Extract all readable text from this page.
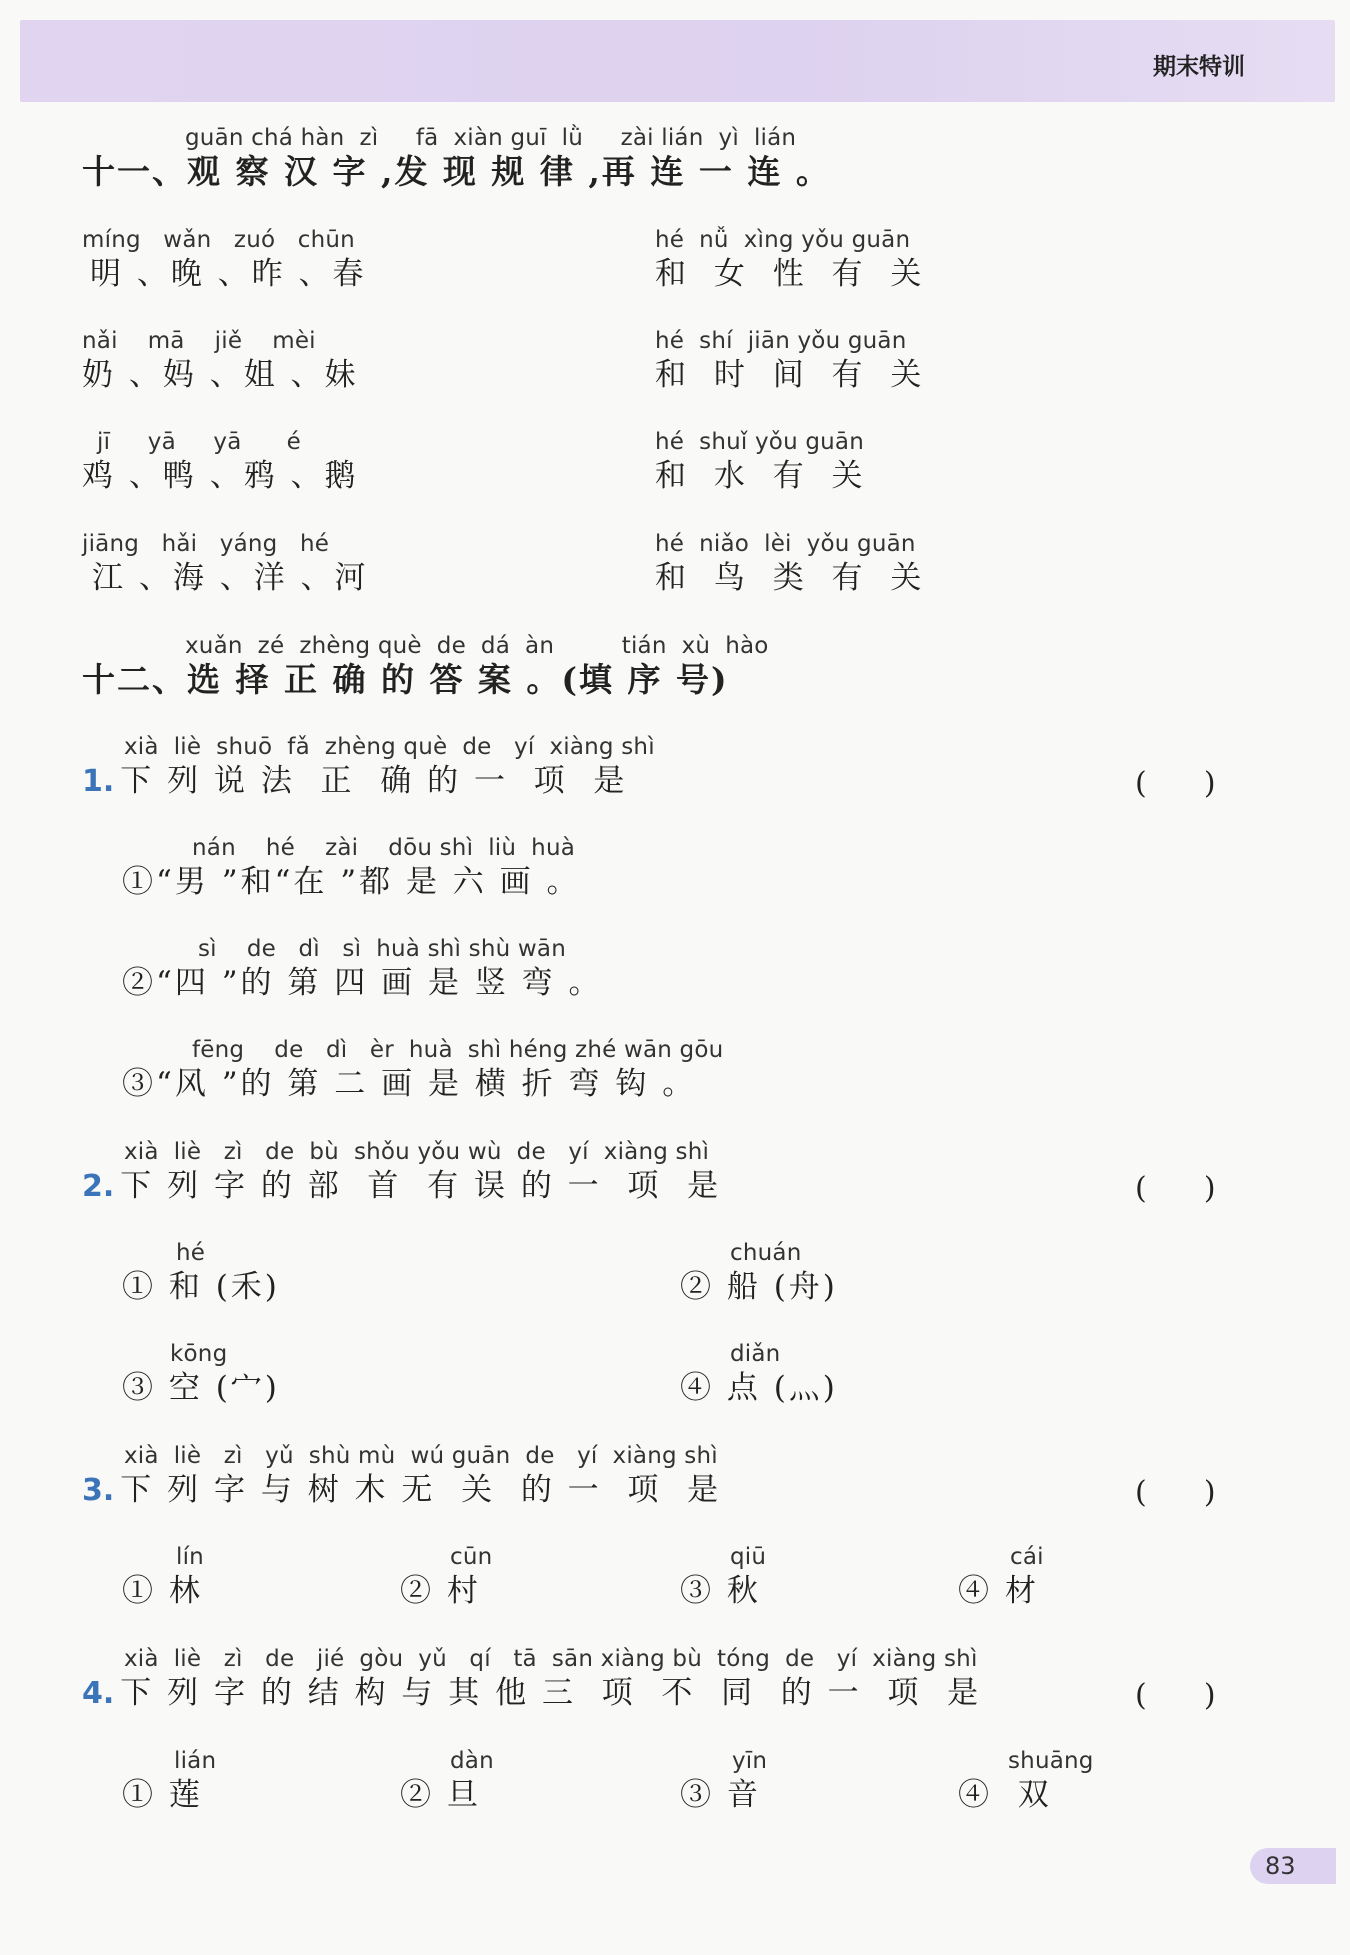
期末特训
guān chá hàn  zì     fā  xiàn guī  lǜ     zài lián  yì  lián
十一、观 察 汉 字 ,发 现 规 律 ,再 连 一 连 。
míng   wǎn   zuó   chūn
明 、晚 、昨 、春
nǎi    mā    jiě    mèi
奶 、妈 、姐 、妹
jī     yā     yā      é
鸡 、鸭 、鸦 、鹅
jiāng   hǎi   yáng   hé
江 、海 、洋 、河
hé  nǚ  xìng yǒu guān
和 女 性 有 关
hé  shí  jiān yǒu guān
和 时 间 有 关
hé  shuǐ yǒu guān
和 水 有 关
hé  niǎo  lèi  yǒu guān
和 鸟 类 有 关
xuǎn  zé  zhèng què  de  dá  àn         tián  xù  hào
十二、选 择 正 确 的 答 案 。(填 序 号)
xià  liè  shuō  fǎ  zhèng què  de   yí  xiàng shì
1. 下 列 说 法  正  确 的 一  项  是	(      )
nán    hé    zài    dōu shì  liù  huà
①“男 ”和“在 ”都 是 六 画 。
sì    de   dì   sì  huà shì shù wān
②“四 ”的 第 四 画 是 竖 弯 。
fēng    de   dì   èr  huà  shì héng zhé wān gōu
③“风 ”的 第 二 画 是 横 折 弯 钩 。
xià  liè   zì   de  bù  shǒu yǒu wù  de   yí  xiàng shì
2. 下 列 字 的 部  首  有 误 的 一  项  是	(      )
hé
① 和 (禾)
chuán
② 船 (舟)
kōng
③ 空 (宀)
diǎn
④ 点 (灬)
xià  liè   zì   yǔ  shù mù  wú guān  de   yí  xiàng shì
3. 下 列 字 与 树 木 无  关  的 一  项  是	(      )
lín
① 林
cūn
② 村
qiū
③ 秋
cái
④ 材
xià  liè   zì   de   jié  gòu  yǔ   qí   tā  sān xiàng bù  tóng  de   yí  xiàng shì
4. 下 列 字 的 结 构 与 其 他 三  项  不  同  的 一  项  是	(      )
lián
① 莲
dàn
② 旦
yīn
③ 音
shuāng
④  双
83
